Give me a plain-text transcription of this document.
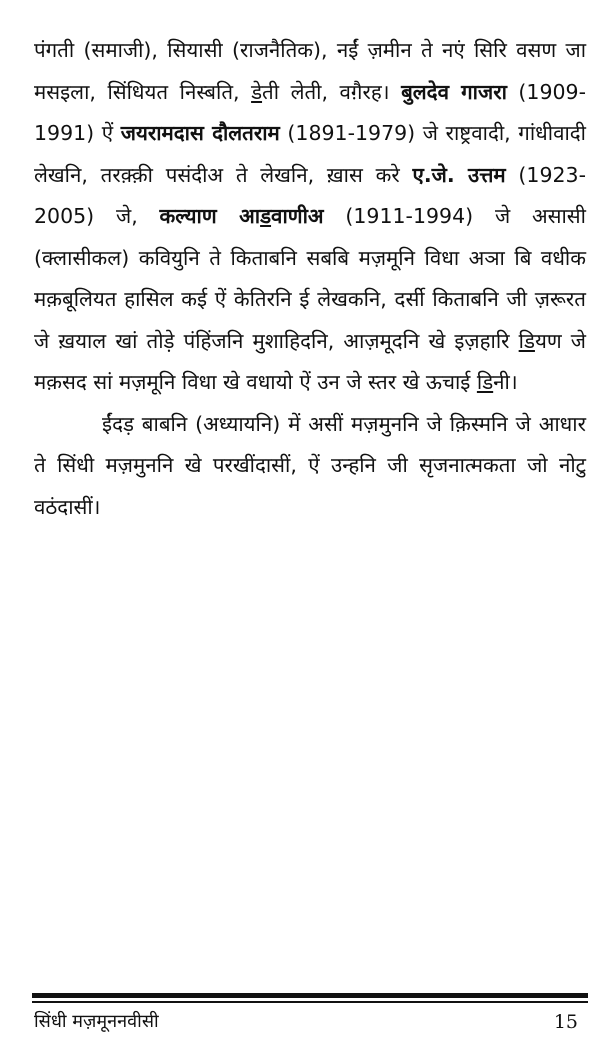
पंगती (समाजी), सियासी (राजनैतिक), नईं ज़मीन ते नएं सिरि वसण जा मसइला, सिंधियत निस्बति, डेती लेती, वग़ैरह। बुलदेव गाजरा (1909-1991) ऐं जयरामदास दौलतराम (1891-1979) जे राष्ट्रवादी, गांधीवादी लेखनि, तरक़्क़ी पसंदीअ ते लेखनि, ख़ास करे ए.जे. उत्तम (1923-2005) जे, कल्याण आडवाणीअ (1911-1994) जे असासी (क्लासीकल) कवियुनि ते किताबनि सबबि मज़मूनि विधा अञा बि वधीक मक़बूलियत हासिल कई ऐं केतिरनि ई लेखकनि, दर्सी किताबनि जी ज़रूरत जे ख़याल खां तोड़े पंहिंजनि मुशाहिदनि, आज़मूदनि खे इज़हारि डियण जे मक़सद सां मज़मूनि विधा खे वधायो ऐं उन जे स्तर खे ऊचाई डिनी।

ईंदड़ बाबनि (अध्यायनि) में असीं मज़मुननि जे क़िस्मनि जे आधार ते सिंधी मज़मुननि खे परखींदासीं, ऐं उन्हनि जी सृजनात्मकता जो नोटु वठंदासीं।

सिंधी मज़मूननवीसी	15
